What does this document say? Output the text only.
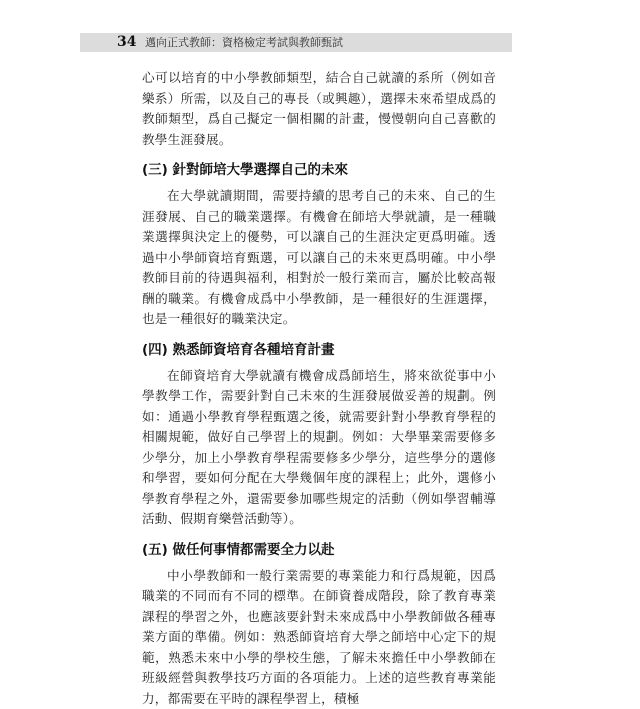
34 邁向正式教師：資格檢定考試與教師甄試

心可以培育的中小學教師類型，結合自己就讀的系所（例如音樂系）所需，以及自己的專長（或興趣），選擇未來希望成爲的教師類型，爲自己擬定一個相關的計畫，慢慢朝向自己喜歡的教學生涯發展。

(三) 針對師培大學選擇自己的未來

在大學就讀期間，需要持續的思考自己的未來、自己的生涯發展、自己的職業選擇。有機會在師培大學就讀，是一種職業選擇與決定上的優勢，可以讓自己的生涯決定更爲明確。透過中小學師資培育甄選，可以讓自己的未來更爲明確。中小學教師目前的待遇與福利，相對於一般行業而言，屬於比較高報酬的職業。有機會成爲中小學教師，是一種很好的生涯選擇，也是一種很好的職業決定。

(四) 熟悉師資培育各種培育計畫

在師資培育大學就讀有機會成爲師培生，將來欲從事中小學教學工作，需要針對自己未來的生涯發展做妥善的規劃。例如：通過小學教育學程甄選之後，就需要針對小學教育學程的相關規範，做好自己學習上的規劃。例如：大學畢業需要修多少學分，加上小學教育學程需要修多少學分，這些學分的選修和學習，要如何分配在大學幾個年度的課程上；此外，選修小學教育學程之外，還需要參加哪些規定的活動（例如學習輔導活動、假期育樂營活動等）。

(五) 做任何事情都需要全力以赴

中小學教師和一般行業需要的專業能力和行爲規範，因爲職業的不同而有不同的標準。在師資養成階段，除了教育專業課程的學習之外，也應該要針對未來成爲中小學教師做各種專業方面的準備。例如：熟悉師資培育大學之師培中心定下的規範，熟悉未來中小學的學校生態，了解未來擔任中小學教師在班級經營與教學技巧方面的各項能力。上述的這些教育專業能力，都需要在平時的課程學習上，積極
